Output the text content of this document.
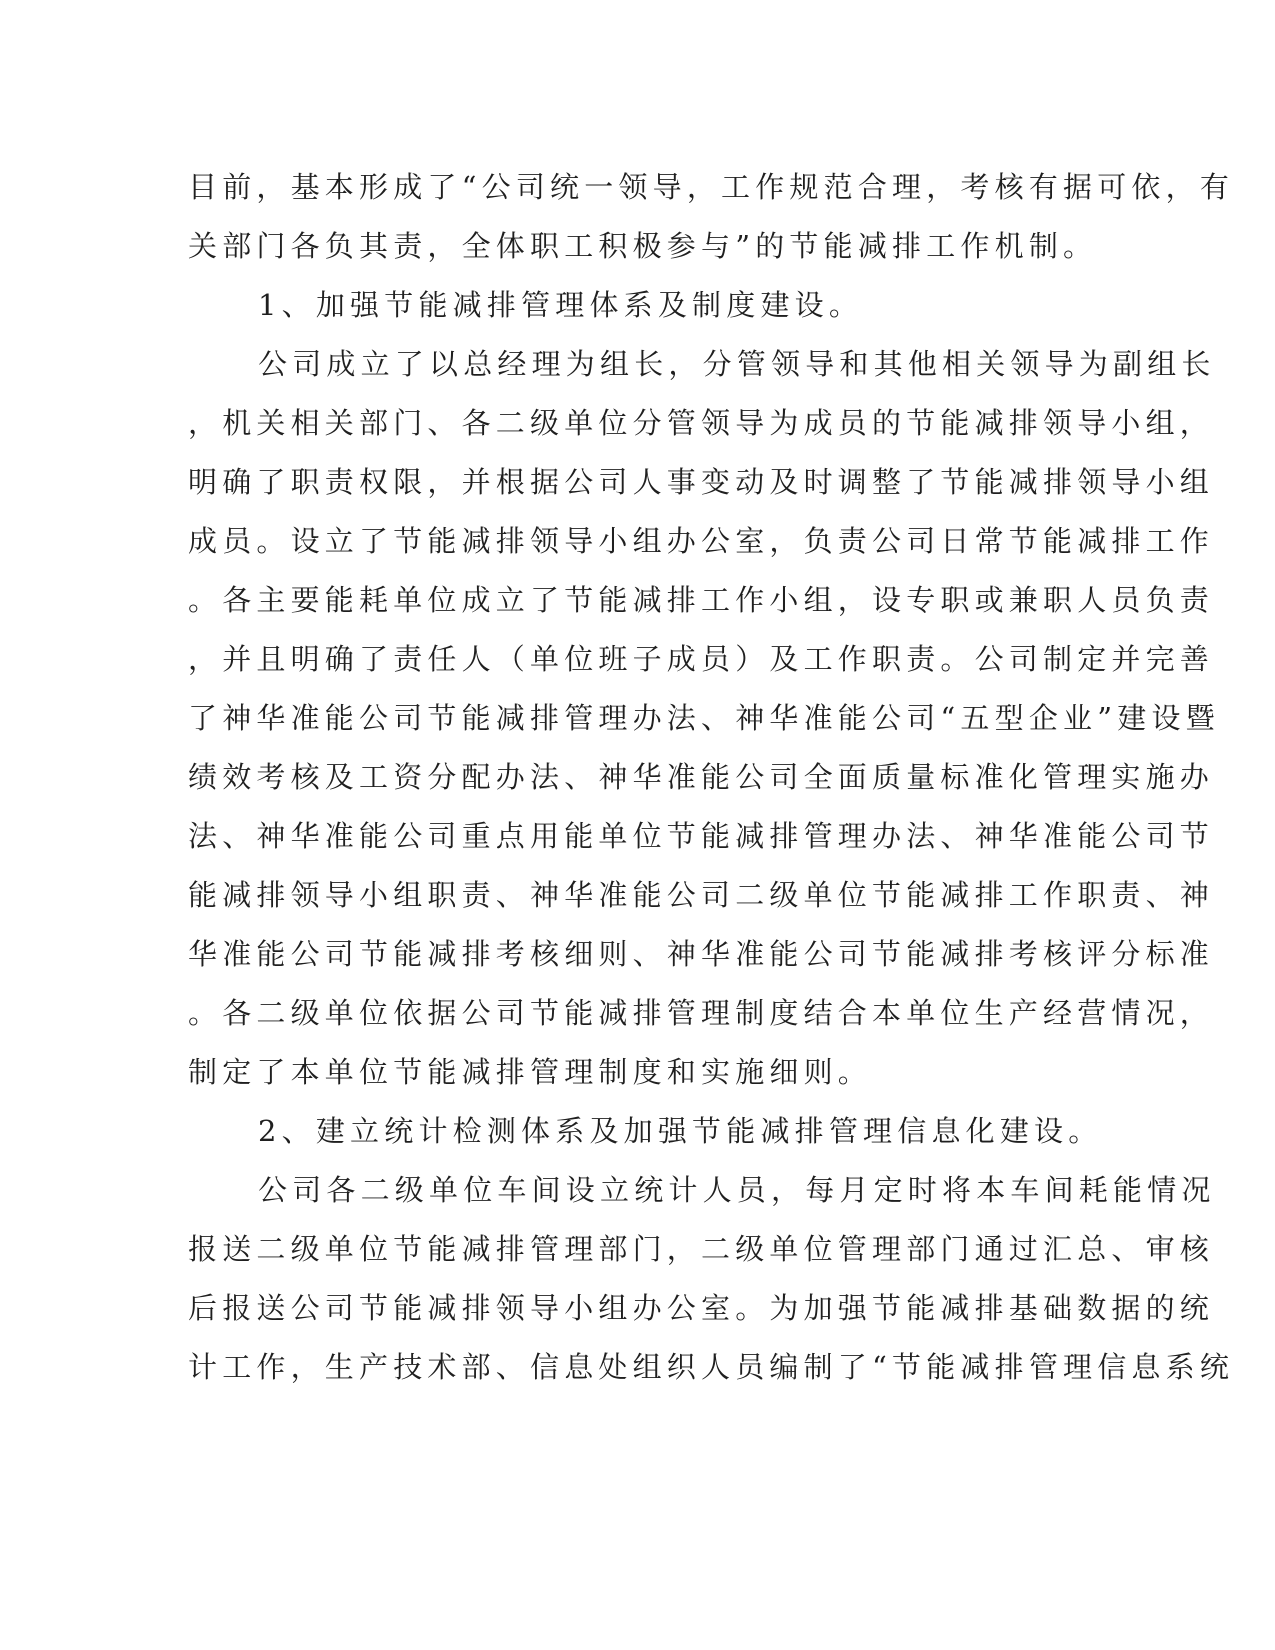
目前，基本形成了“公司统一领导，工作规范合理，考核有据可依，有
关部门各负其责，全体职工积极参与”的节能减排工作机制。
1、加强节能减排管理体系及制度建设。
公司成立了以总经理为组长，分管领导和其他相关领导为副组长
，机关相关部门、各二级单位分管领导为成员的节能减排领导小组，
明确了职责权限，并根据公司人事变动及时调整了节能减排领导小组
成员。设立了节能减排领导小组办公室，负责公司日常节能减排工作
。各主要能耗单位成立了节能减排工作小组，设专职或兼职人员负责
，并且明确了责任人（单位班子成员）及工作职责。公司制定并完善
了神华准能公司节能减排管理办法、神华准能公司“五型企业”建设暨
绩效考核及工资分配办法、神华准能公司全面质量标准化管理实施办
法、神华准能公司重点用能单位节能减排管理办法、神华准能公司节
能减排领导小组职责、神华准能公司二级单位节能减排工作职责、神
华准能公司节能减排考核细则、神华准能公司节能减排考核评分标准
。各二级单位依据公司节能减排管理制度结合本单位生产经营情况，
制定了本单位节能减排管理制度和实施细则。
2、建立统计检测体系及加强节能减排管理信息化建设。
公司各二级单位车间设立统计人员，每月定时将本车间耗能情况
报送二级单位节能减排管理部门，二级单位管理部门通过汇总、审核
后报送公司节能减排领导小组办公室。为加强节能减排基础数据的统
计工作，生产技术部、信息处组织人员编制了“节能减排管理信息系统
